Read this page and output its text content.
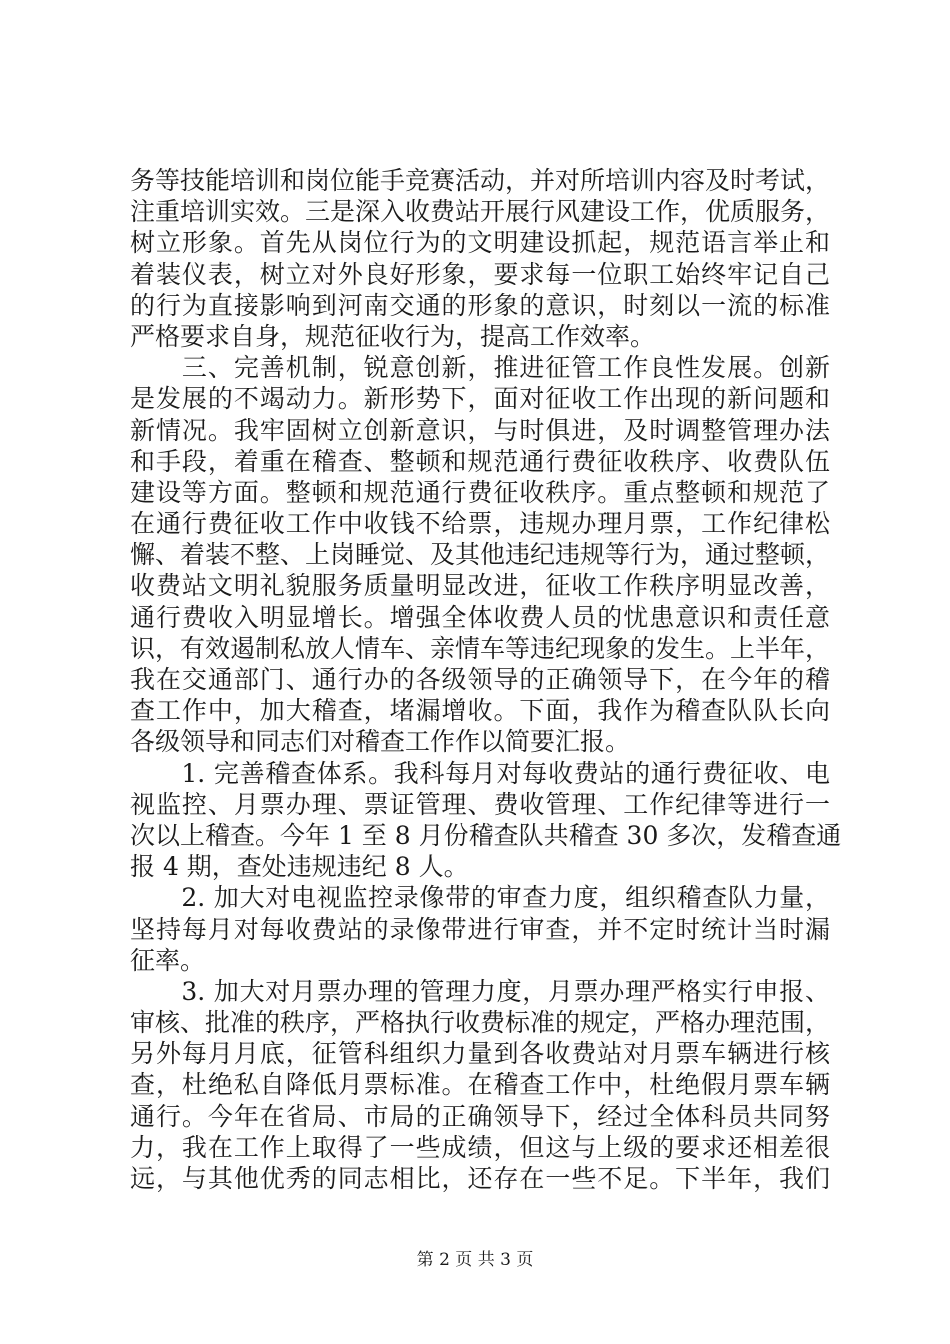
务等技能培训和岗位能手竞赛活动，并对所培训内容及时考试，
注重培训实效。三是深入收费站开展行风建设工作，优质服务，
树立形象。首先从岗位行为的文明建设抓起，规范语言举止和
着装仪表，树立对外良好形象，要求每一位职工始终牢记自己
的行为直接影响到河南交通的形象的意识，时刻以一流的标准
严格要求自身，规范征收行为，提高工作效率。
　　三、完善机制，锐意创新，推进征管工作良性发展。创新
是发展的不竭动力。新形势下，面对征收工作出现的新问题和
新情况。我牢固树立创新意识，与时俱进，及时调整管理办法
和手段，着重在稽查、整顿和规范通行费征收秩序、收费队伍
建设等方面。整顿和规范通行费征收秩序。重点整顿和规范了
在通行费征收工作中收钱不给票，违规办理月票，工作纪律松
懈、着装不整、上岗睡觉、及其他违纪违规等行为，通过整顿，
收费站文明礼貌服务质量明显改进，征收工作秩序明显改善，
通行费收入明显增长。增强全体收费人员的忧患意识和责任意
识，有效遏制私放人情车、亲情车等违纪现象的发生。上半年，
我在交通部门、通行办的各级领导的正确领导下，在今年的稽
查工作中，加大稽查，堵漏增收。下面，我作为稽查队队长向
各级领导和同志们对稽查工作作以简要汇报。
　　1. 完善稽查体系。我科每月对每收费站的通行费征收、电
视监控、月票办理、票证管理、费收管理、工作纪律等进行一
次以上稽查。今年 1 至 8 月份稽查队共稽查 30 多次，发稽查通
报 4 期，查处违规违纪 8 人。
　　2. 加大对电视监控录像带的审查力度，组织稽查队力量，
坚持每月对每收费站的录像带进行审查，并不定时统计当时漏
征率。
　　3. 加大对月票办理的管理力度，月票办理严格实行申报、
审核、批准的秩序，严格执行收费标准的规定，严格办理范围，
另外每月月底，征管科组织力量到各收费站对月票车辆进行核
查，杜绝私自降低月票标准。在稽查工作中，杜绝假月票车辆
通行。今年在省局、市局的正确领导下，经过全体科员共同努
力，我在工作上取得了一些成绩，但这与上级的要求还相差很
远，与其他优秀的同志相比，还存在一些不足。下半年，我们
第 2 页 共 3 页
